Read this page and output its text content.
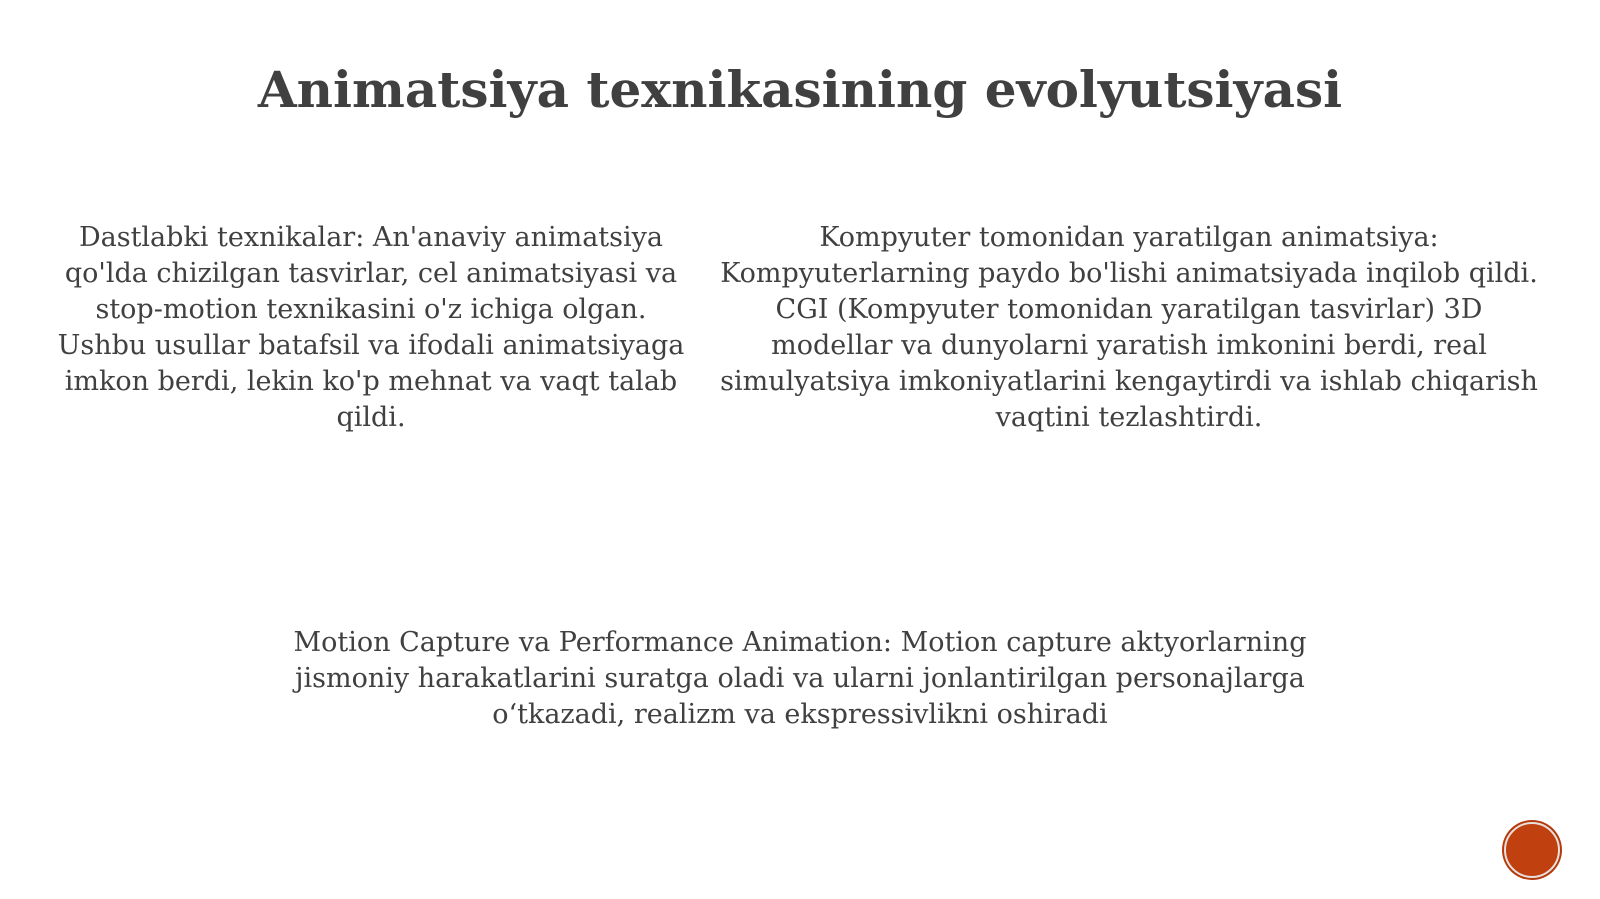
Animatsiya texnikasining evolyutsiyasi

Dastlabki texnikalar: An'anaviy animatsiya qo'lda chizilgan tasvirlar, cel animatsiyasi va stop-motion texnikasini o'z ichiga olgan. Ushbu usullar batafsil va ifodali animatsiyaga imkon berdi, lekin ko'p mehnat va vaqt talab qildi.

Kompyuter tomonidan yaratilgan animatsiya: Kompyuterlarning paydo bo'lishi animatsiyada inqilob qildi. CGI (Kompyuter tomonidan yaratilgan tasvirlar) 3D modellar va dunyolarni yaratish imkonini berdi, real simulyatsiya imkoniyatlarini kengaytirdi va ishlab chiqarish vaqtini tezlashtirdi.

Motion Capture va Performance Animation: Motion capture aktyorlarning jismoniy harakatlarini suratga oladi va ularni jonlantirilgan personajlarga o‘tkazadi, realizm va ekspressivlikni oshiradi
